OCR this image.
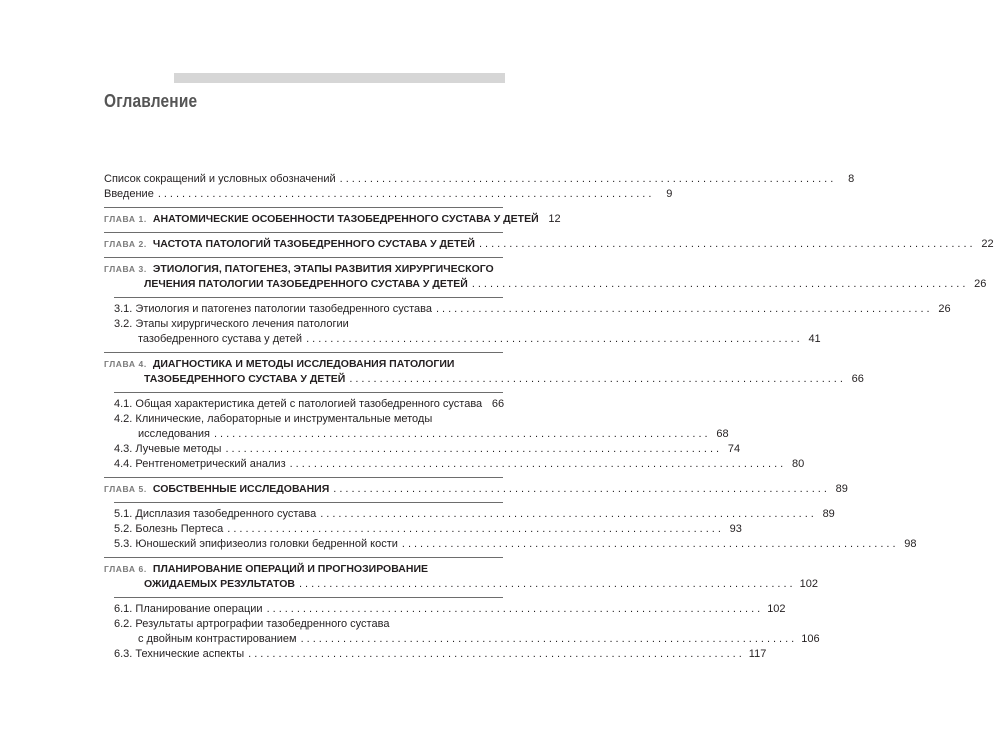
Оглавление
Список сокращений и условных обозначений ..................................................................................	8
Введение ..................................................................................	9
ГЛАВА 1. АНАТОМИЧЕСКИЕ ОСОБЕННОСТИ ТАЗОБЕДРЕННОГО СУСТАВА У ДЕТЕЙ 12
ГЛАВА 2. ЧАСТОТА ПАТОЛОГИЙ ТАЗОБЕДРЕННОГО СУСТАВА У ДЕТЕЙ .................................................................................. 22
ГЛАВА 3. ЭТИОЛОГИЯ, ПАТОГЕНЕЗ, ЭТАПЫ РАЗВИТИЯ ХИРУРГИЧЕСКОГО
ЛЕЧЕНИЯ ПАТОЛОГИИ ТАЗОБЕДРЕННОГО СУСТАВА У ДЕТЕЙ .................................................................................. 26
3.1. Этиология и патогенез патологии тазобедренного сустава .................................................................................. 26
3.2. Этапы хирургического лечения патологии
тазобедренного сустава у детей .................................................................................. 41
ГЛАВА 4. ДИАГНОСТИКА И МЕТОДЫ ИССЛЕДОВАНИЯ ПАТОЛОГИИ
ТАЗОБЕДРЕННОГО СУСТАВА У ДЕТЕЙ .................................................................................. 66
4.1. Общая характеристика детей с патологией тазобедренного сустава 66
4.2. Клинические, лабораторные и инструментальные методы
исследования .................................................................................. 68
4.3. Лучевые методы .................................................................................. 74
4.4. Рентгенометрический анализ .................................................................................. 80
ГЛАВА 5. СОБСТВЕННЫЕ ИССЛЕДОВАНИЯ .................................................................................. 89
5.1. Дисплазия тазобедренного сустава .................................................................................. 89
5.2. Болезнь Пертеса .................................................................................. 93
5.3. Юношеский эпифизеолиз головки бедренной кости .................................................................................. 98
ГЛАВА 6. ПЛАНИРОВАНИЕ ОПЕРАЦИЙ И ПРОГНОЗИРОВАНИЕ
ОЖИДАЕМЫХ РЕЗУЛЬТАТОВ .................................................................................. 102
6.1. Планирование операции .................................................................................. 102
6.2. Результаты артрографии тазобедренного сустава
с двойным контрастированием .................................................................................. 106
6.3. Технические аспекты .................................................................................. 117
